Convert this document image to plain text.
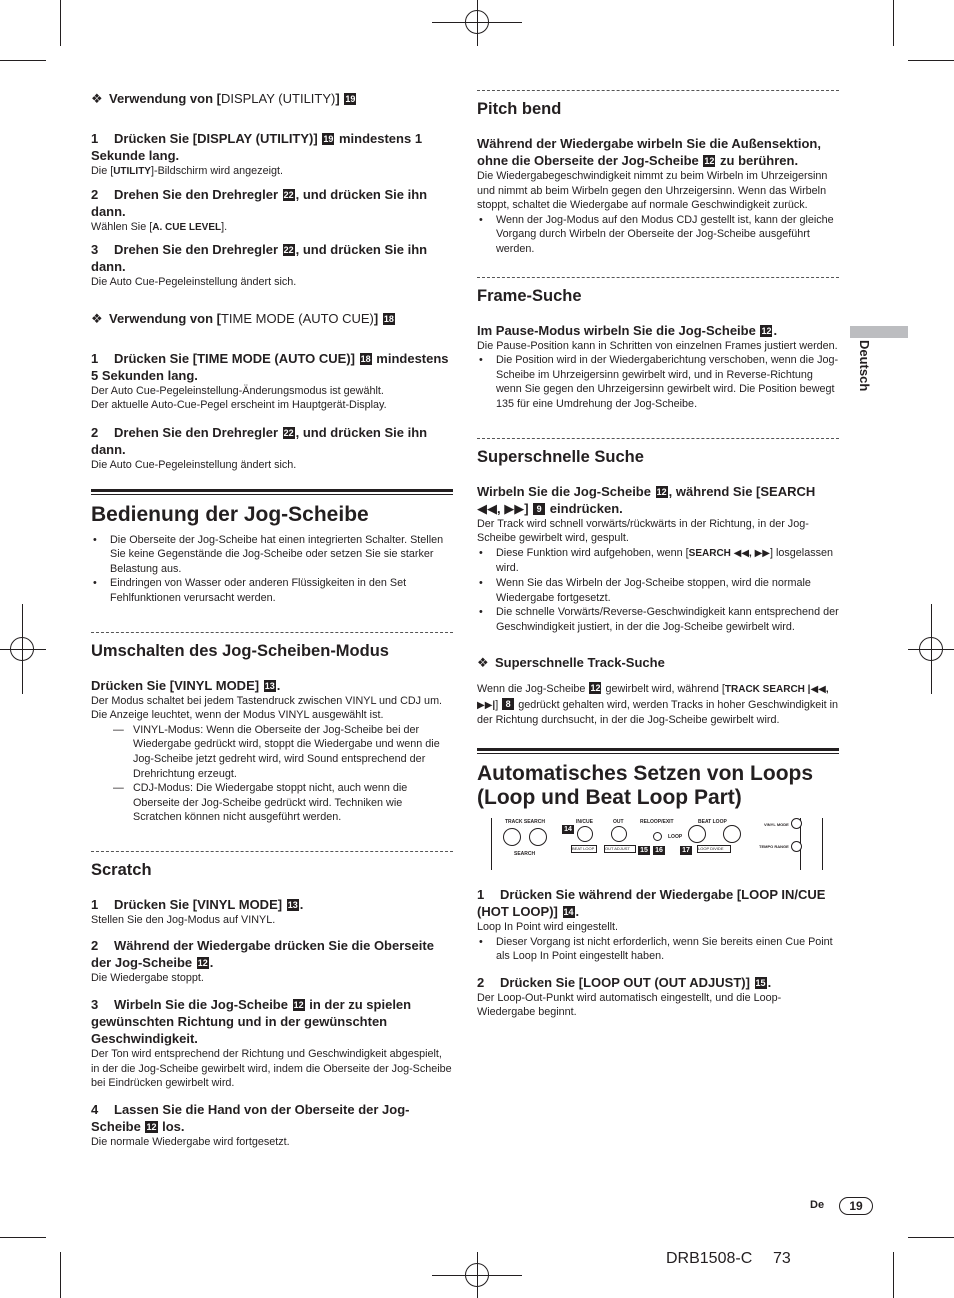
❖ Verwendung von [DISPLAY (UTILITY)] 19

1 Drücken Sie [DISPLAY (UTILITY)] 19 mindestens 1 Sekunde lang.

Die [UTILITY]-Bildschirm wird angezeigt.

2 Drehen Sie den Drehregler 22 , und drücken Sie ihn dann.

Wählen Sie [A. CUE LEVEL].

3 Drehen Sie den Drehregler 22 , und drücken Sie ihn dann.

Die Auto Cue-Pegeleinstellung ändert sich.

❖ Verwendung von [TIME MODE (AUTO CUE)] 18

1 Drücken Sie [TIME MODE (AUTO CUE)] 18 mindestens 5 Sekunden lang.

Der Auto Cue-Pegeleinstellung-Änderungsmodus ist gewählt.

Der aktuelle Auto-Cue-Pegel erscheint im Hauptgerät-Display.

2 Drehen Sie den Drehregler 22 , und drücken Sie ihn dann.

Die Auto Cue-Pegeleinstellung ändert sich.

Bedienung der Jog-Scheibe
• Die Oberseite der Jog-Scheibe hat einen integrierten Schalter. Stellen Sie keine Gegenstände die Jog-Scheibe oder setzen Sie sie starker Belastung aus.
• Eindringen von Wasser oder anderen Flüssigkeiten in den Set Fehlfunktionen verursacht werden.
Umschalten des Jog-Scheiben-Modus

Drücken Sie [VINYL MODE] 13 .

Der Modus schaltet bei jedem Tastendruck zwischen VINYL und CDJ um.

Die Anzeige leuchtet, wenn der Modus VINYL ausgewählt ist.

— VINYL-Modus: Wenn die Oberseite der Jog-Scheibe bei der Wiedergabe gedrückt wird, stoppt die Wiedergabe und wenn die Jog-Scheibe jetzt gedreht wird, wird Sound entsprechend der Drehrichtung erzeugt.
— CDJ-Modus: Die Wiedergabe stoppt nicht, auch wenn die Oberseite der Jog-Scheibe gedrückt wird. Techniken wie Scratchen können nicht ausgeführt werden.
Scratch

1 Drücken Sie [VINYL MODE] 13 .

Stellen Sie den Jog-Modus auf VINYL.

2 Während der Wiedergabe drücken Sie die Oberseite der Jog-Scheibe 12 .

Die Wiedergabe stoppt.

3 Wirbeln Sie die Jog-Scheibe 12 in der zu spielen gewünschten Richtung und in der gewünschten Geschwindigkeit.

Der Ton wird entsprechend der Richtung und Geschwindigkeit abgespielt, in der die Jog-Scheibe gewirbelt wird, indem die Oberseite der Jog-Scheibe bei Eindrücken gewirbelt wird.

4 Lassen Sie die Hand von der Oberseite der Jog-Scheibe 12 los.

Die normale Wiedergabe wird fortgesetzt.

Pitch bend

Während der Wiedergabe wirbeln Sie die Außensektion, ohne die Oberseite der Jog-Scheibe 12 zu berühren.

Die Wiedergabegeschwindigkeit nimmt zu beim Wirbeln im Uhrzeigersinn und nimmt ab beim Wirbeln gegen den Uhrzeigersinn. Wenn das Wirbeln stoppt, schaltet die Wiedergabe auf normale Geschwindigkeit zurück.

• Wenn der Jog-Modus auf den Modus CDJ gestellt ist, kann der gleiche Vorgang durch Wirbeln der Oberseite der Jog-Scheibe ausgeführt werden.
Frame-Suche

Im Pause-Modus wirbeln Sie die Jog-Scheibe 12 .

Die Pause-Position kann in Schritten von einzelnen Frames justiert werden.

• Die Position wird in der Wiedergaberichtung verschoben, wenn die Jog-Scheibe im Uhrzeigersinn gewirbelt wird, und in Reverse-Richtung wenn Sie gegen den Uhrzeigersinn gewirbelt wird. Die Position bewegt 135 für eine Umdrehung der Jog-Scheibe.
Superschnelle Suche

Wirbeln Sie die Jog-Scheibe 12 , während Sie [SEARCH ◀◀, ▶▶] 9 eindrücken.

Der Track wird schnell vorwärts/rückwärts in der Richtung, in der Jog-Scheibe gewirbelt wird, gespult.

• Diese Funktion wird aufgehoben, wenn [SEARCH ◀◀, ▶▶] losgelassen wird.
• Wenn Sie das Wirbeln der Jog-Scheibe stoppen, wird die normale Wiedergabe fortgesetzt.
• Die schnelle Vorwärts/Reverse-Geschwindigkeit kann entsprechend der Geschwindigkeit justiert, in der die Jog-Scheibe gewirbelt wird.

❖ Superschnelle Track-Suche

Wenn die Jog-Scheibe 12 gewirbelt wird, während [TRACK SEARCH |◀◀, ▶▶|] 8 gedrückt gehalten wird, werden Tracks in hoher Geschwindigkeit in der Richtung durchsucht, in der die Jog-Scheibe gewirbelt wird.

Automatisches Setzen von Loops (Loop und Beat Loop Part)
TRACK SEARCH
SEARCH
14
IN/CUE	OUT	RELOOP/EXIT
LOOP
BEAT LOOP
BEAT LOOP	OUT ADJUST	15	16	17	LOOP DIVIDE
VINYL MODE
TEMPO RANGE

1 Drücken Sie während der Wiedergabe [LOOP IN/CUE (HOT LOOP)] 14 .

Loop In Point wird eingestellt.

• Dieser Vorgang ist nicht erforderlich, wenn Sie bereits einen Cue Point als Loop In Point eingestellt haben.

2 Drücken Sie [LOOP OUT (OUT ADJUST)] 15 .

Der Loop-Out-Punkt wird automatisch eingestellt, und die Loop-Wiedergabe beginnt.

Deutsch
De	19
DRB1508-C 73
